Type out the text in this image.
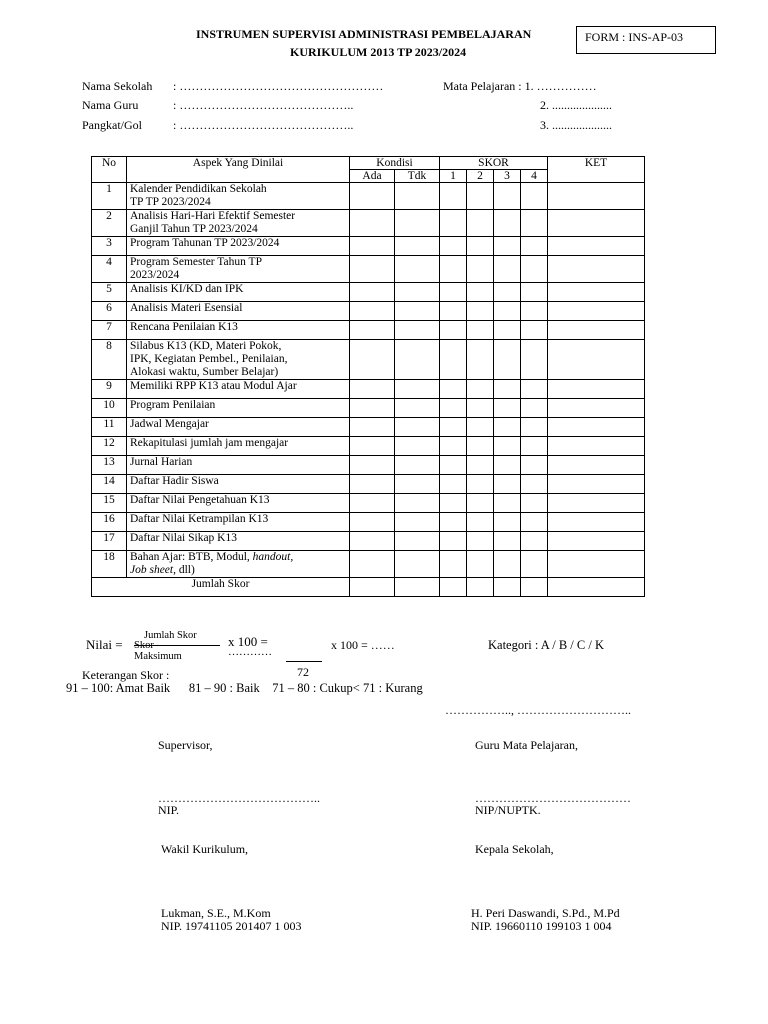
INSTRUMEN SUPERVISI ADMINISTRASI PEMBELAJARAN
KURIKULUM 2013 TP 2023/2024
FORM : INS-AP-03
Nama Sekolah : ……………………………………………
Nama Guru	: ……………………………………..
Pangkat/Gol	: ……………………………………..
Mata Pelajaran : 1. ……………
2. ....................
3. ....................
No	Aspek Yang Dinilai	Kondisi		SKOR				KET
		Ada	Tdk	1	2	3	4	
1	Kalender Pendidikan Sekolah
TP TP 2023/2024							
2	Analisis Hari-Hari Efektif Semester
Ganjil Tahun TP 2023/2024							
3	Program Tahunan TP 2023/2024							
4	Program Semester Tahun TP
2023/2024							
5	Analisis KI/KD dan IPK							
6	Analisis Materi Esensial							
7	Rencana Penilaian K13							
8	Silabus K13 (KD, Materi Pokok,
IPK, Kegiatan Pembel., Penilaian,
Alokasi waktu, Sumber Belajar)							
9	Memiliki RPP K13 atau Modul Ajar							
10	Program Penilaian							
11	Jadwal Mengajar							
12	Rekapitulasi jumlah jam mengajar							
13	Jurnal Harian							
14	Daftar Hadir Siswa							
15	Daftar Nilai Pengetahuan K13							
16	Daftar Nilai Ketrampilan K13							
17	Daftar Nilai Sikap K13							
18	Bahan Ajar: BTB, Modul, handout,
Job sheet, dll)							
Jumlah Skor								
Nilai =
Jumlah Skor
Skor
Maksimum
x 100 =
…………	x 100 = ……
72
Kategori : A / B / C / K
Keterangan Skor :
91 – 100: Amat Baik      81 – 90 : Baik    71 – 80 : Cukup< 71 : Kurang
…………….., ………………………..
Supervisor,	Guru Mata Pelajaran,
…………………………………..	…………………………………
NIP.	NIP/NUPTK.
Wakil Kurikulum,	Kepala Sekolah,
Lukman, S.E., M.Kom
NIP. 19741105 201407 1 003
H. Peri Daswandi, S.Pd., M.Pd
NIP. 19660110 199103 1 004
